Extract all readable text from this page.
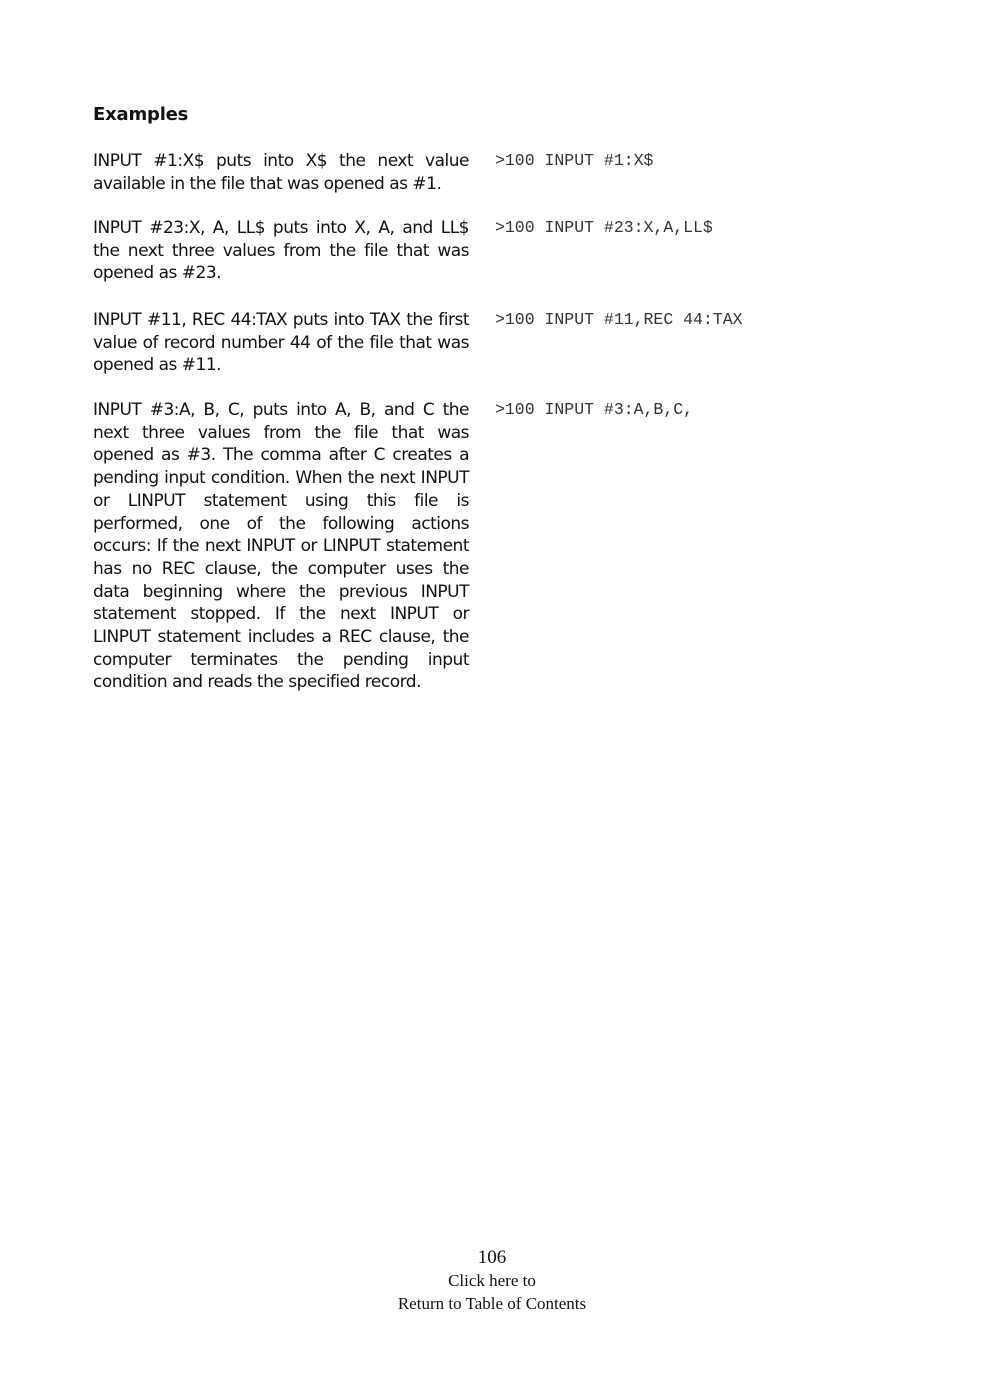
Examples
INPUT #1:X$ puts into X$ the next value available in the file that was opened as #1.
>100 INPUT #1:X$
INPUT #23:X, A, LL$ puts into X, A, and LL$ the next three values from the file that was opened as #23.
>100 INPUT #23:X,A,LL$
INPUT #11, REC 44:TAX puts into TAX the first value of record number 44 of the file that was opened as #11.
>100 INPUT #11,REC 44:TAX
INPUT #3:A, B, C, puts into A, B, and C the next three values from the file that was opened as #3. The comma after C creates a pending input condition. When the next INPUT or LINPUT statement using this file is performed, one of the following actions occurs: If the next INPUT or LINPUT statement has no REC clause, the computer uses the data beginning where the previous INPUT statement stopped. If the next INPUT or LINPUT statement includes a REC clause, the computer terminates the pending input condition and reads the specified record.
>100 INPUT #3:A,B,C,
106
Click here to
Return to Table of Contents
